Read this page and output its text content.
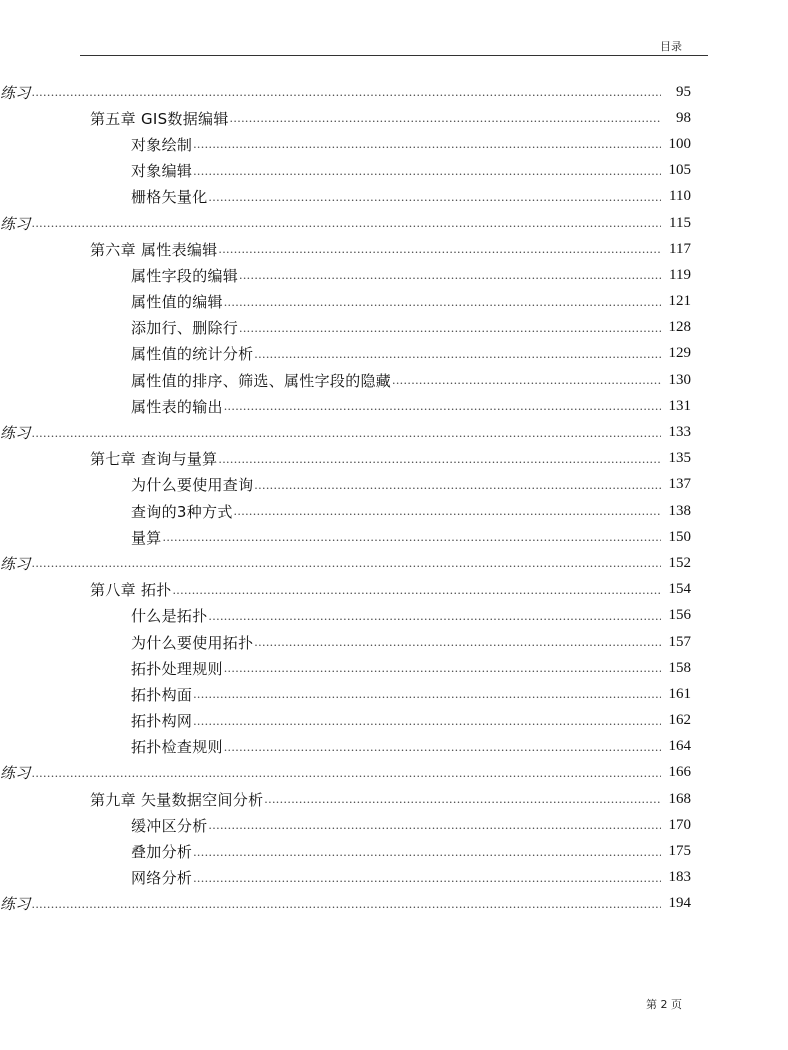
目录
练习 .....	95
第五章 GIS数据编辑 .....	98
对象绘制 .....	100
对象编辑 .....	105
栅格矢量化 .....	110
练习 .....	115
第六章 属性表编辑 .....	117
属性字段的编辑 .....	119
属性值的编辑 .....	121
添加行、删除行 .....	128
属性值的统计分析 .....	129
属性值的排序、筛选、属性字段的隐藏 .....	130
属性表的输出 .....	131
练习 .....	133
第七章 查询与量算 .....	135
为什么要使用查询 .....	137
查询的3种方式 .....	138
量算 .....	150
练习 .....	152
第八章 拓扑 .....	154
什么是拓扑 .....	156
为什么要使用拓扑 .....	157
拓扑处理规则 .....	158
拓扑构面 .....	161
拓扑构网 .....	162
拓扑检查规则 .....	164
练习 .....	166
第九章 矢量数据空间分析 .....	168
缓冲区分析 .....	170
叠加分析 .....	175
网络分析 .....	183
练习 .....	194
第 2 页
